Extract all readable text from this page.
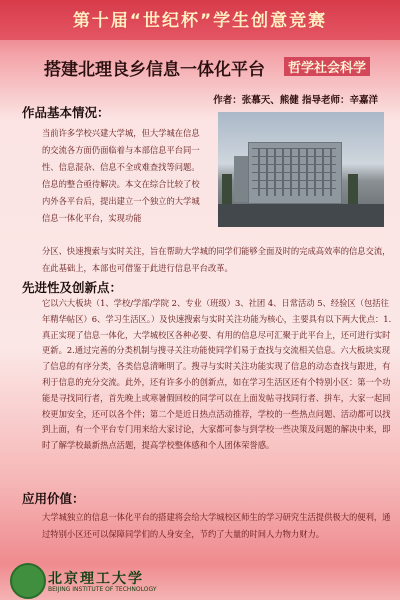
第十届“世纪杯”学生创意竞赛
搭建北理良乡信息一体化平台	哲学社会科学
作者：张慕天、熊健 指导老师：辛嘉洋
作品基本情况：
当前许多学校兴建大学城，但大学城在信息的交流各方面仍面临着与本部信息平台同一性、信息混杂、信息不全或难查找等问题。信息的整合亟待解决。本文在综合比较了校内外各平台后，提出建立一个独立的大学城信息一体化平台，实现功能
分区、快速搜索与实时关注，旨在帮助大学城的同学们能够全面及时的完成高效率的信息交流，在此基础上，本部也可借鉴于此进行信息平台改革。
先进性及创新点：
它以六大板块（1、学校/学部/学院 2、专业（班级）3、社团 4、日常活动 5、经验区（包括往年精华帖区）6、学习生活区。）及快速搜索与实时关注功能为核心，主要具有以下两大优点：1.真正实现了信息一体化，大学城校区各种必要、有用的信息尽可汇聚于此平台上，还可进行实时更新。2.通过完善的分类机制与搜寻关注功能使同学们易于查找与交流相关信息。六大板块实现了信息的有序分类，各类信息清晰明了。搜寻与实时关注功能实现了信息的动态查找与跟进，有利于信息的充分交流。此外，还有许多小的创新点，如在学习生活区还有个特别小区：第一个功能是寻找同行者，首先晚上或寒暑假回校的同学可以在上面发帖寻找同行者、拼车，大家一起回校更加安全，还可以各个伴；第二个是近日热点活动推荐，学校的一些热点问题、活动都可以找到上面，有一个平台专门用来给大家讨论，大家都可参与到学校一些决策及问题的解决中来，即时了解学校最新热点活题，提高学校整体感和个人团体荣誉感。
应用价值：
大学城独立的信息一体化平台的搭建将会给大学城校区师生的学习研究生活提供极大的便利，通过特别小区还可以保障同学们的人身安全，节约了大量的时间人力物力财力。
北京理工大学
BEIJING INSTITUTE OF TECHNOLOGY
